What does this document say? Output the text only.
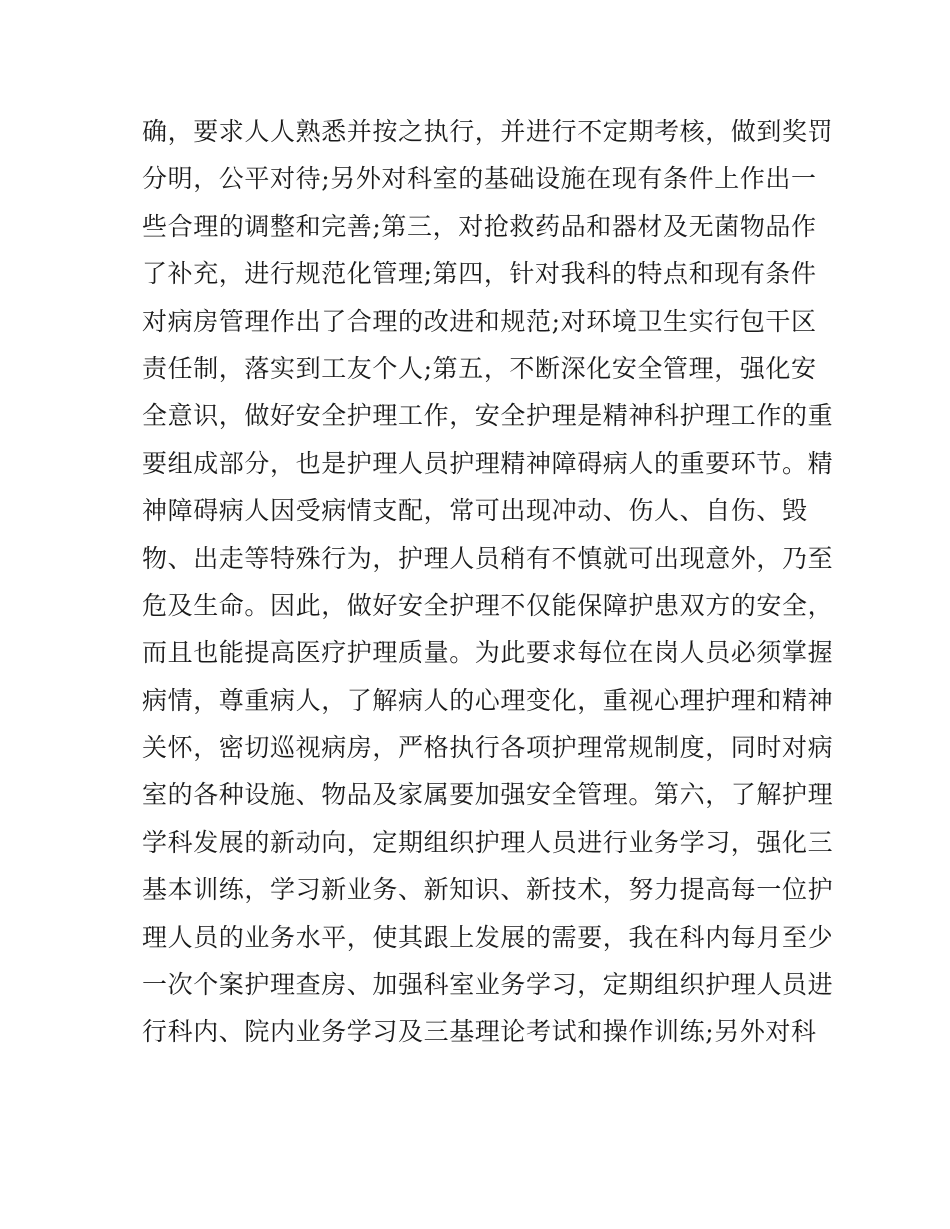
确，要求人人熟悉并按之执行，并进行不定期考核，做到奖罚
分明，公平对待;另外对科室的基础设施在现有条件上作出一
些合理的调整和完善;第三，对抢救药品和器材及无菌物品作
了补充，进行规范化管理;第四，针对我科的特点和现有条件
对病房管理作出了合理的改进和规范;对环境卫生实行包干区
责任制，落实到工友个人;第五，不断深化安全管理，强化安
全意识，做好安全护理工作，安全护理是精神科护理工作的重
要组成部分，也是护理人员护理精神障碍病人的重要环节。精
神障碍病人因受病情支配，常可出现冲动、伤人、自伤、毁
物、出走等特殊行为，护理人员稍有不慎就可出现意外，乃至
危及生命。因此，做好安全护理不仅能保障护患双方的安全，
而且也能提高医疗护理质量。为此要求每位在岗人员必须掌握
病情，尊重病人，了解病人的心理变化，重视心理护理和精神
关怀，密切巡视病房，严格执行各项护理常规制度，同时对病
室的各种设施、物品及家属要加强安全管理。第六，了解护理
学科发展的新动向，定期组织护理人员进行业务学习，强化三
基本训练，学习新业务、新知识、新技术，努力提高每一位护
理人员的业务水平，使其跟上发展的需要，我在科内每月至少
一次个案护理查房、加强科室业务学习，定期组织护理人员进
行科内、院内业务学习及三基理论考试和操作训练;另外对科
